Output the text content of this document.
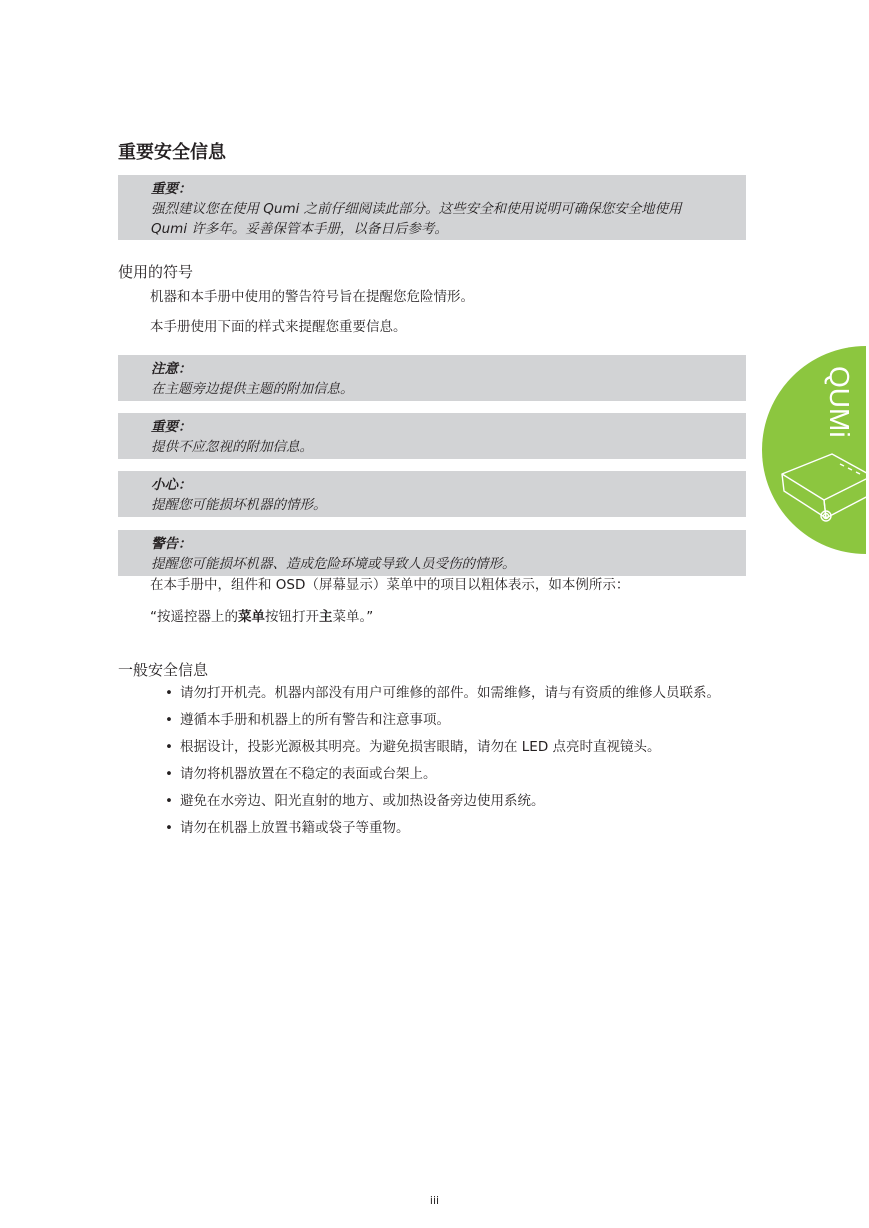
重要安全信息
重要：
强烈建议您在使用 Qumi 之前仔细阅读此部分。这些安全和使用说明可确保您安全地使用
Qumi 许多年。妥善保管本手册，以备日后参考。
使用的符号
机器和本手册中使用的警告符号旨在提醒您危险情形。
本手册使用下面的样式来提醒您重要信息。
注意：
在主题旁边提供主题的附加信息。
重要：
提供不应忽视的附加信息。
小心：
提醒您可能损坏机器的情形。
警告：
提醒您可能损坏机器、造成危险环境或导致人员受伤的情形。
在本手册中，组件和 OSD（屏幕显示）菜单中的项目以粗体表示，如本例所示：
“按遥控器上的菜单按钮打开主菜单。”
一般安全信息
• 请勿打开机壳。机器内部没有用户可维修的部件。如需维修，请与有资质的维修人员联系。
• 遵循本手册和机器上的所有警告和注意事项。
• 根据设计，投影光源极其明亮。为避免损害眼睛，请勿在 LED 点亮时直视镜头。
• 请勿将机器放置在不稳定的表面或台架上。
• 避免在水旁边、阳光直射的地方、或加热设备旁边使用系统。
• 请勿在机器上放置书籍或袋子等重物。
QUMi
iii
